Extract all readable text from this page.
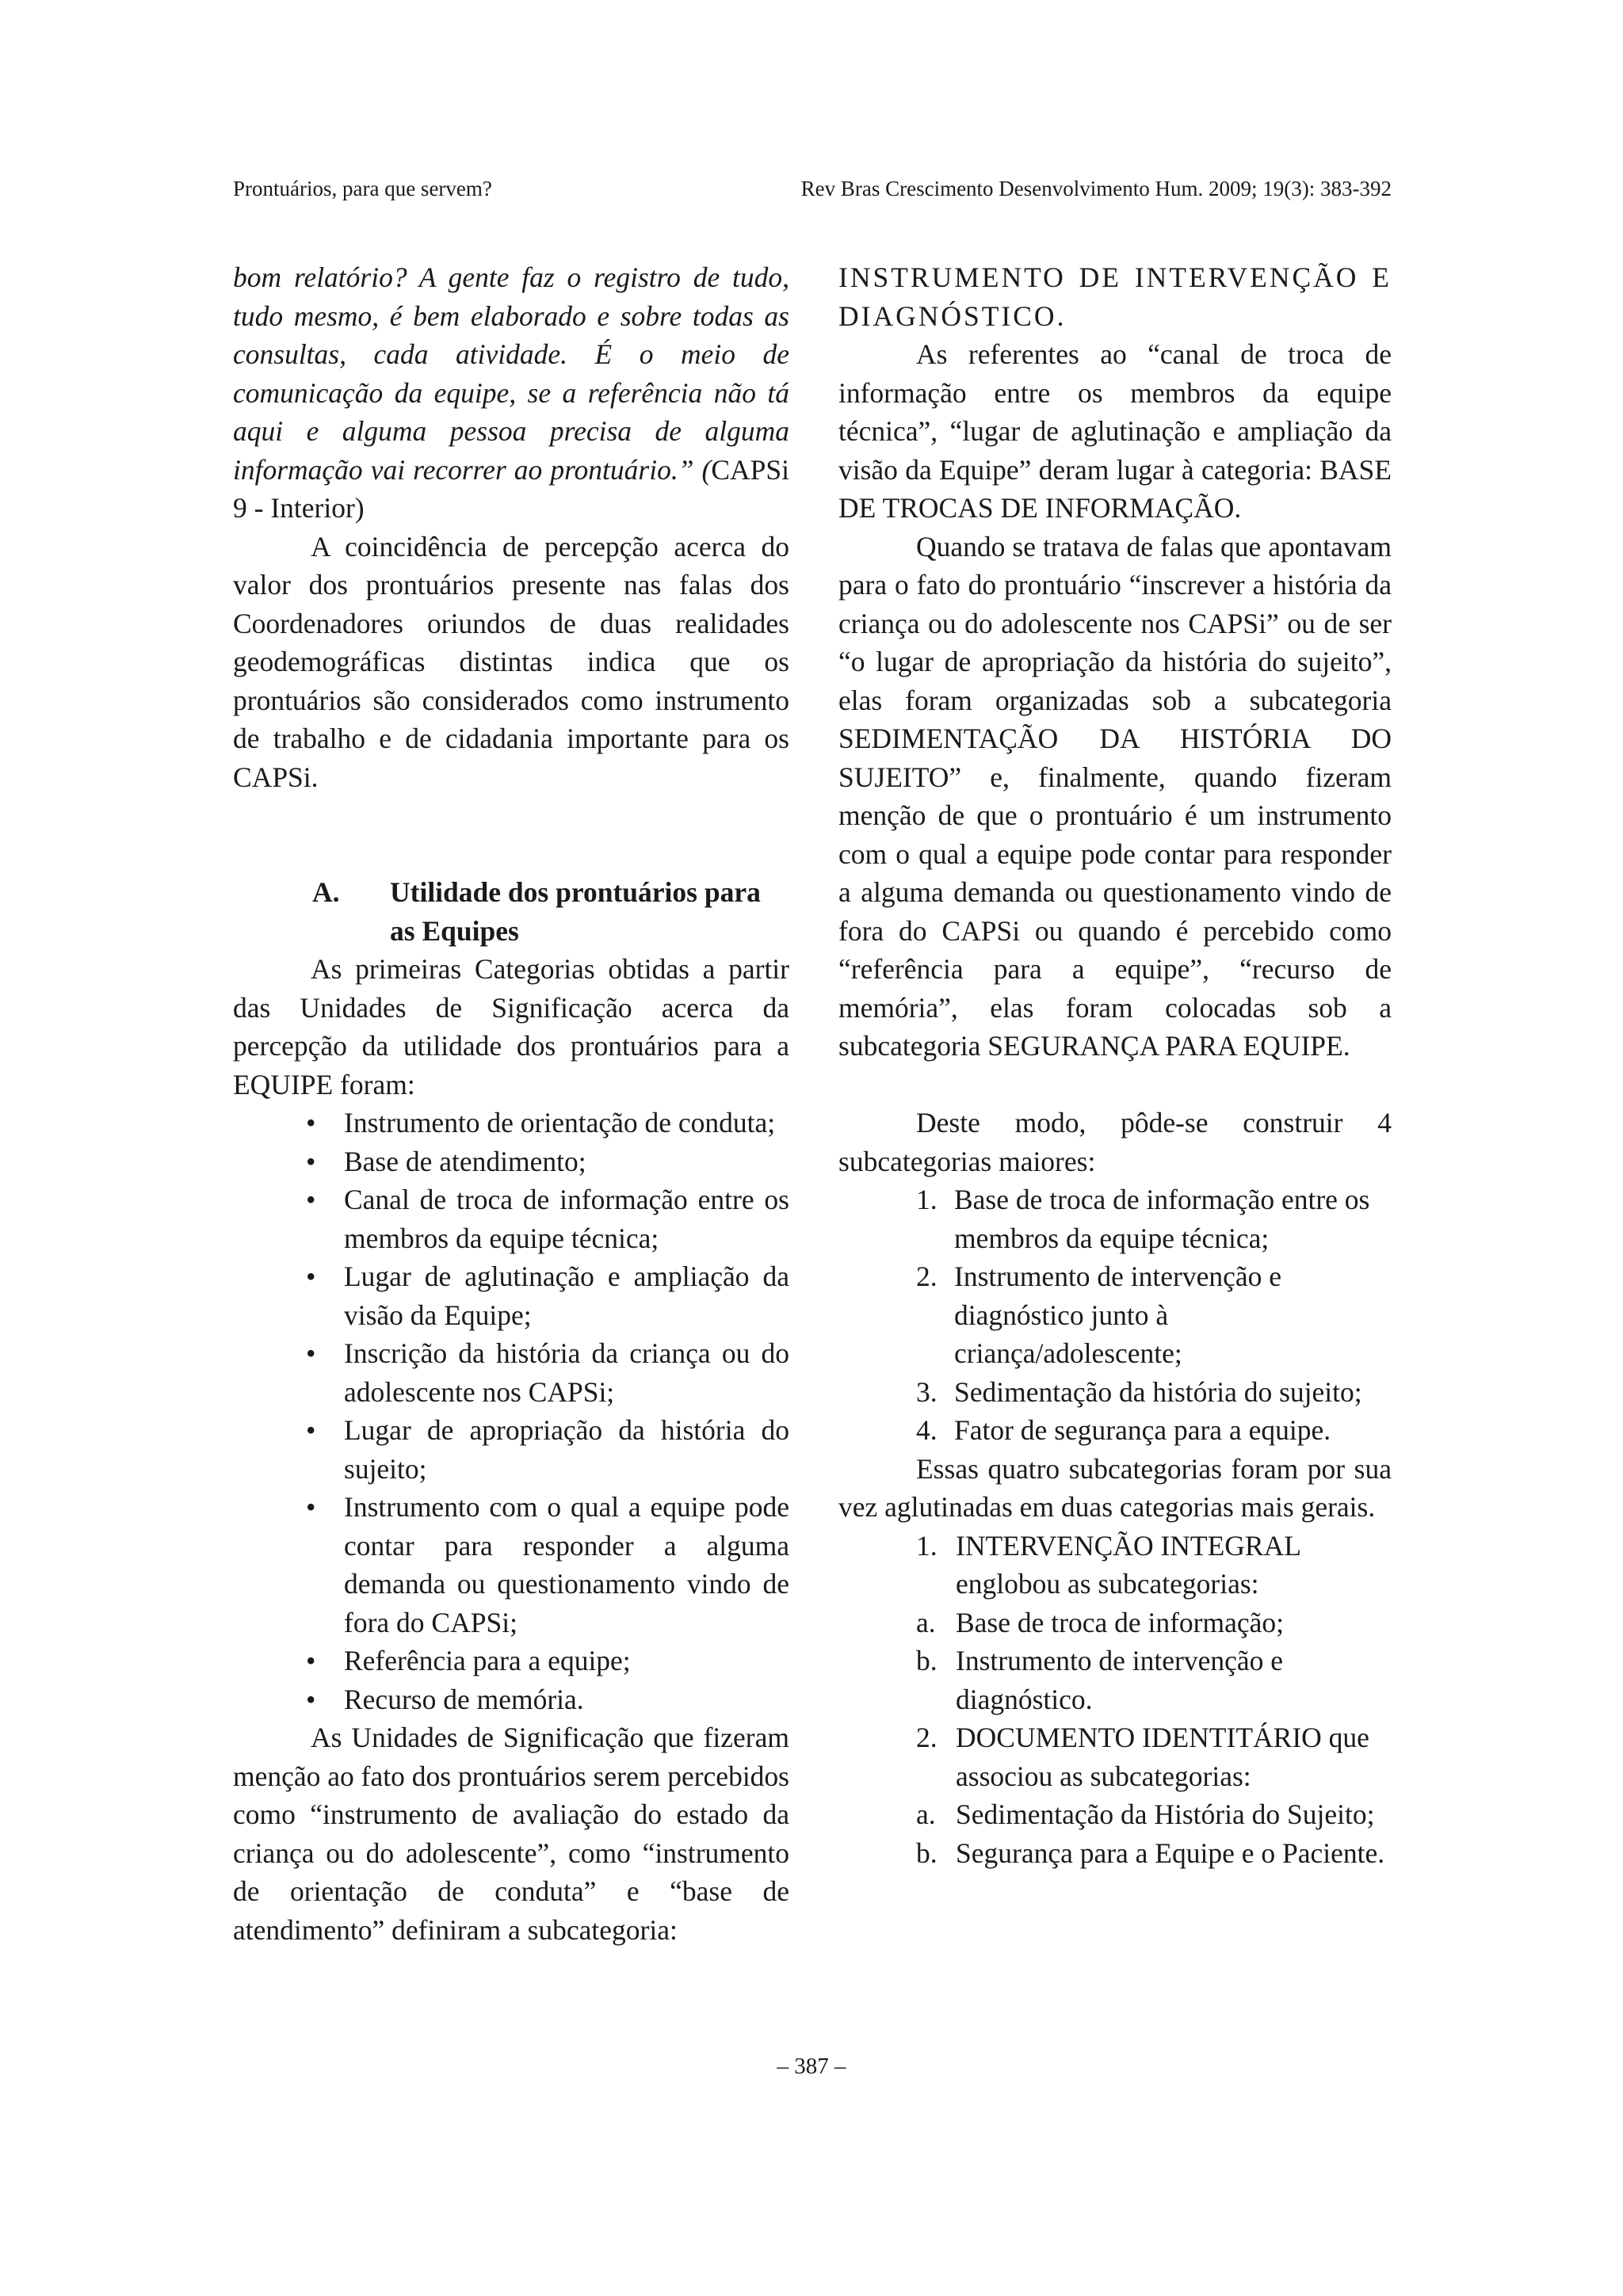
Prontuários, para que servem?	Rev Bras Crescimento Desenvolvimento Hum. 2009; 19(3): 383-392

bom relatório? A gente faz o registro de tudo, tudo mesmo, é bem elaborado e sobre todas as consultas, cada atividade. É o meio de comunicação da equipe, se a referência não tá aqui e alguma pessoa precisa de alguma informação vai recorrer ao prontuário.” (CAPSi 9 - Interior)

A coincidência de percepção acerca do valor dos prontuários presente nas falas dos Coordenadores oriundos de duas realidades geodemográficas distintas indica que os prontuários são considerados como instrumento de trabalho e de cidadania importante para os CAPSi.

A.	Utilidade dos prontuários para as Equipes

As primeiras Categorias obtidas a partir das Unidades de Significação acerca da percepção da utilidade dos prontuários para a EQUIPE foram:

• Instrumento de orientação de conduta;
• Base de atendimento;
• Canal de troca de informação entre os membros da equipe técnica;
• Lugar de aglutinação e ampliação da visão da Equipe;
• Inscrição da história da criança ou do adolescente nos CAPSi;
• Lugar de apropriação da história do sujeito;
• Instrumento com o qual a equipe pode contar para responder a alguma demanda ou questionamento vindo de fora do CAPSi;
• Referência para a equipe;
• Recurso de memória.

As Unidades de Significação que fizeram menção ao fato dos prontuários serem percebidos como “instrumento de avaliação do estado da criança ou do adolescente”, como “instrumento de orientação de conduta” e “base de atendimento” definiram a subcategoria:

INSTRUMENTO DE INTERVENÇÃO E DIAGNÓSTICO.

As referentes ao “canal de troca de informação entre os membros da equipe técnica”, “lugar de aglutinação e ampliação da visão da Equipe” deram lugar à categoria: BASE DE TROCAS DE INFORMAÇÃO.

Quando se tratava de falas que apontavam para o fato do prontuário “inscrever a história da criança ou do adolescente nos CAPSi” ou de ser “o lugar de apropriação da história do sujeito”, elas foram organizadas sob a subcategoria SEDIMENTAÇÃO DA HISTÓRIA DO SUJEITO” e, finalmente, quando fizeram menção de que o prontuário é um instrumento com o qual a equipe pode contar para responder a alguma demanda ou questionamento vindo de fora do CAPSi ou quando é percebido como “referência para a equipe”, “recurso de memória”, elas foram colocadas sob a subcategoria SEGURANÇA PARA EQUIPE.

Deste modo, pôde-se construir 4 subcategorias maiores:

1. Base de troca de informação entre os membros da equipe técnica;
2. Instrumento de intervenção e diagnóstico junto à criança/adolescente;
3. Sedimentação da história do sujeito;
4. Fator de segurança para a equipe.

Essas quatro subcategorias foram por sua vez aglutinadas em duas categorias mais gerais.

1. INTERVENÇÃO INTEGRAL englobou as subcategorias:
a. Base de troca de informação;
b. Instrumento de intervenção e diagnóstico.
2. DOCUMENTO IDENTITÁRIO que associou as subcategorias:
a. Sedimentação da História do Sujeito;
b. Segurança para a Equipe e o Paciente.
– 387 –
